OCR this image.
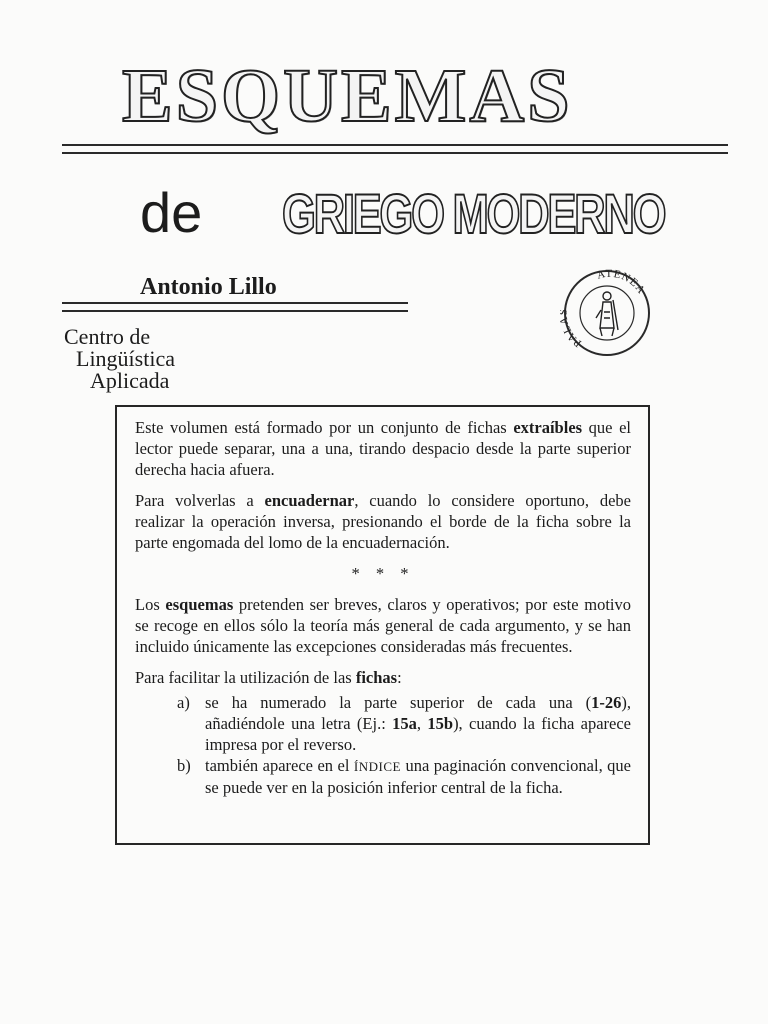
ESQUEMAS
de GRIEGO MODERNO
Antonio Lillo
Centro de
Lingüística
Aplicada
PAL
ATENEA

Este volumen está formado por un conjunto de fichas extraíbles que el lector puede separar, una a una, tirando despacio desde la parte superior derecha hacia afuera.

Para volverlas a encuadernar, cuando lo considere oportuno, debe realizar la operación inversa, presionando el borde de la ficha sobre la parte engomada del lomo de la encuadernación.

* * *

Los esquemas pretenden ser breves, claros y operativos; por este motivo se recoge en ellos sólo la teoría más general de cada argumento, y se han incluido únicamente las excepciones consideradas más frecuentes.

Para facilitar la utilización de las fichas:

a) se ha numerado la parte superior de cada una (1-26), añadiéndole una letra (Ej.: 15a, 15b), cuando la ficha aparece impresa por el reverso.
b) también aparece en el ÍNDICE una paginación convencional, que se puede ver en la posición inferior central de la ficha.
